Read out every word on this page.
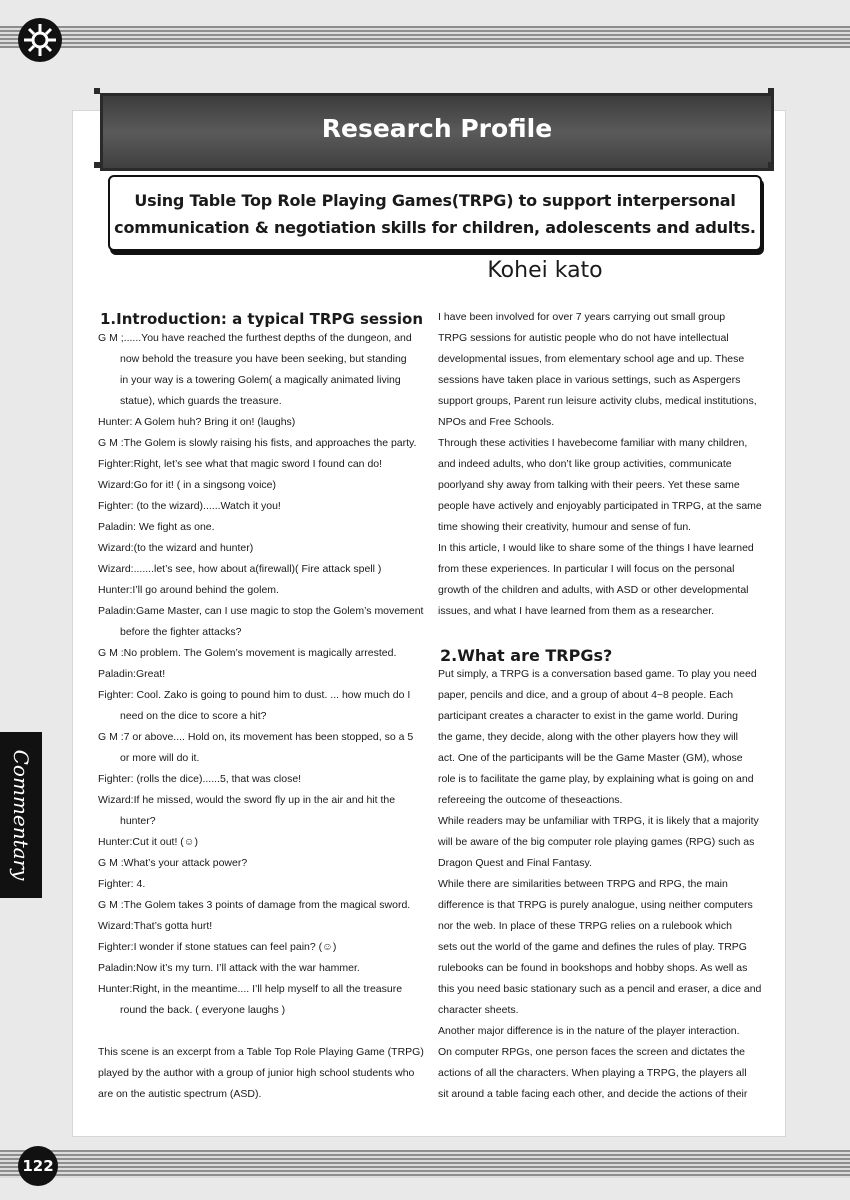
Research Profile
Using Table Top Role Playing Games(TRPG) to support interpersonal
communication & negotiation skills for children, adolescents and adults.
Kohei kato
1.Introduction: a typical TRPG session
G M ;......You have reached the furthest depths of the dungeon, and
now behold the treasure you have been seeking, but standing
in your way is a towering Golem( a magically animated living
statue), which guards the treasure.
Hunter: A Golem huh? Bring it on! (laughs)
G M :The Golem is slowly raising his fists, and approaches the party.
Fighter:Right, let’s see what that magic sword I found can do!
Wizard:Go for it! ( in a singsong voice)
Fighter: (to the wizard)......Watch it you!
Paladin: We fight as one.
Wizard:(to the wizard and hunter)
Wizard:.......let’s see, how about a(firewall)( Fire attack spell )
Hunter:I’ll go around behind the golem.
Paladin:Game Master, can I use magic to stop the Golem’s movement
before the fighter attacks?
G M :No problem. The Golem’s movement is magically arrested.
Paladin:Great!
Fighter: Cool. Zako is going to pound him to dust. ... how much do I
need on the dice to score a hit?
G M :7 or above.... Hold on, its movement has been stopped, so a 5
or more will do it.
Fighter: (rolls the dice)......5, that was close!
Wizard:If he missed, would the sword fly up in the air and hit the
hunter?
Hunter:Cut it out! (☺)
G M :What’s your attack power?
Fighter: 4.
G M :The Golem takes 3 points of damage from the magical sword.
Wizard:That’s gotta hurt!
Fighter:I wonder if stone statues can feel pain? (☺)
Paladin:Now it’s my turn. I’ll attack with the war hammer.
Hunter:Right, in the meantime.... I’ll help myself to all the treasure
round the back. ( everyone laughs )
This scene is an excerpt from a Table Top Role Playing Game (TRPG)
played by the author with a group of junior high school students who
are on the autistic spectrum (ASD).
I have been involved for over 7 years carrying out small group
TRPG sessions for autistic people who do not have intellectual
developmental issues, from elementary school age and up. These
sessions have taken place in various settings, such as Aspergers
support groups, Parent run leisure activity clubs, medical institutions,
NPOs and Free Schools.
Through these activities I havebecome familiar with many children,
and indeed adults, who don’t like group activities, communicate
poorlyand shy away from talking with their peers. Yet these same
people have actively and enjoyably participated in TRPG, at the same
time showing their creativity, humour and sense of fun.
In this article, I would like to share some of the things I have learned
from these experiences. In particular I will focus on the personal
growth of the children and adults, with ASD or other developmental
issues, and what I have learned from them as a researcher.
2.What are TRPGs?
Put simply, a TRPG is a conversation based game. To play you need
paper, pencils and dice, and a group of about 4~8 people. Each
participant creates a character to exist in the game world. During
the game, they decide, along with the other players how they will
act. One of the participants will be the Game Master (GM), whose
role is to facilitate the game play, by explaining what is going on and
refereeing the outcome of theseactions.
While readers may be unfamiliar with TRPG, it is likely that a majority
will be aware of the big computer role playing games (RPG) such as
Dragon Quest and Final Fantasy.
While there are similarities between TRPG and RPG, the main
difference is that TRPG is purely analogue, using neither computers
nor the web. In place of these TRPG relies on a rulebook which
sets out the world of the game and defines the rules of play. TRPG
rulebooks can be found in bookshops and hobby shops. As well as
this you need basic stationary such as a pencil and eraser, a dice and
character sheets.
Another major difference is in the nature of the player interaction.
On computer RPGs, one person faces the screen and dictates the
actions of all the characters. When playing a TRPG, the players all
sit around a table facing each other, and decide the actions of their
Commentary
122
